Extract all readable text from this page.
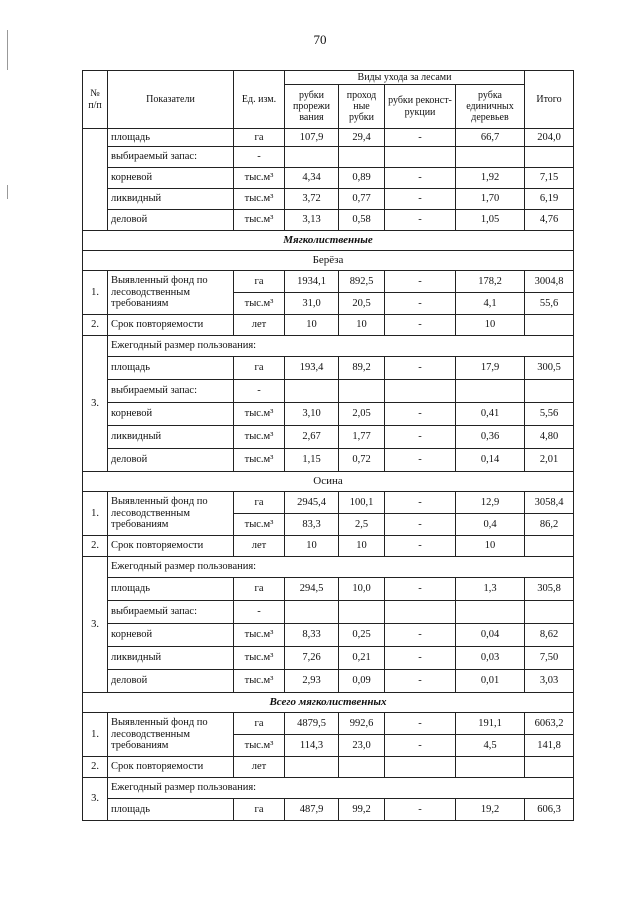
70
№ п/п	Показатели	Ед. изм.	Виды ухода за лесами				Итого
			рубки прорежи вания	проход ные рубки	рубки реконст- рукции	рубка единичных деревьев	
	площадь	га	107,9	29,4	-	66,7	204,0
	выбираемый запас:	-					
	корневой	тыс.м³	4,34	0,89	-	1,92	7,15
	ликвидный	тыс.м³	3,72	0,77	-	1,70	6,19
	деловой	тыс.м³	3,13	0,58	-	1,05	4,76
Мягколиственные							
Берёза							
1.	Выявленный фонд по лесоводственным требованиям	га	1934,1	892,5	-	178,2	3004,8
		тыс.м³	31,0	20,5	-	4,1	55,6
2.	Срок повторяемости	лет	10	10	-	10	
3.	Ежегодный размер пользования:						
	площадь	га	193,4	89,2	-	17,9	300,5
	выбираемый запас:	-					
	корневой	тыс.м³	3,10	2,05	-	0,41	5,56
	ликвидный	тыс.м³	2,67	1,77	-	0,36	4,80
	деловой	тыс.м³	1,15	0,72	-	0,14	2,01
Осина							
1.	Выявленный фонд по лесоводственным требованиям	га	2945,4	100,1	-	12,9	3058,4
		тыс.м³	83,3	2,5	-	0,4	86,2
2.	Срок повторяемости	лет	10	10	-	10	
3.	Ежегодный размер пользования:						
	площадь	га	294,5	10,0	-	1,3	305,8
	выбираемый запас:	-					
	корневой	тыс.м³	8,33	0,25	-	0,04	8,62
	ликвидный	тыс.м³	7,26	0,21	-	0,03	7,50
	деловой	тыс.м³	2,93	0,09	-	0,01	3,03
Всего мягколиственных							
1.	Выявленный фонд по лесоводственным требованиям	га	4879,5	992,6	-	191,1	6063,2
		тыс.м³	114,3	23,0	-	4,5	141,8
2.	Срок повторяемости	лет					
3.	Ежегодный размер пользования:						
	площадь	га	487,9	99,2	-	19,2	606,3
